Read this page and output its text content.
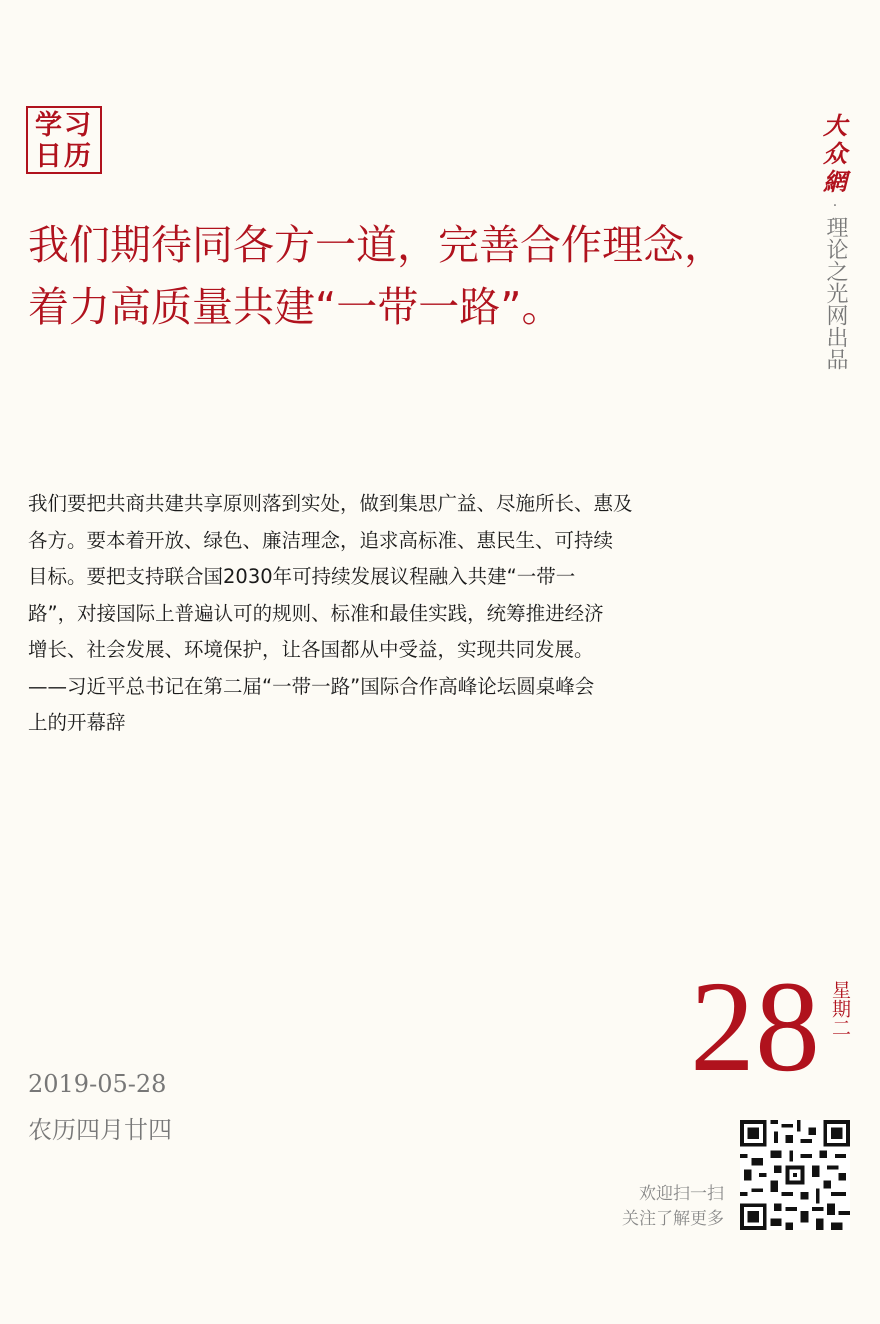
学习
日历
大众網
·
理论之光网出品
我们期待同各方一道，完善合作理念，
着力高质量共建“一带一路”。

我们要把共商共建共享原则落到实处，做到集思广益、尽施所长、惠及

各方。要本着开放、绿色、廉洁理念，追求高标准、惠民生、可持续

目标。要把支持联合国2030年可持续发展议程融入共建“一带一

路”，对接国际上普遍认可的规则、标准和最佳实践，统筹推进经济

增长、社会发展、环境保护，让各国都从中受益，实现共同发展。

——习近平总书记在第二届“一带一路”国际合作高峰论坛圆桌峰会

上的开幕辞

28 星期二
2019-05-28
农历四月廿四
欢迎扫一扫
关注了解更多
